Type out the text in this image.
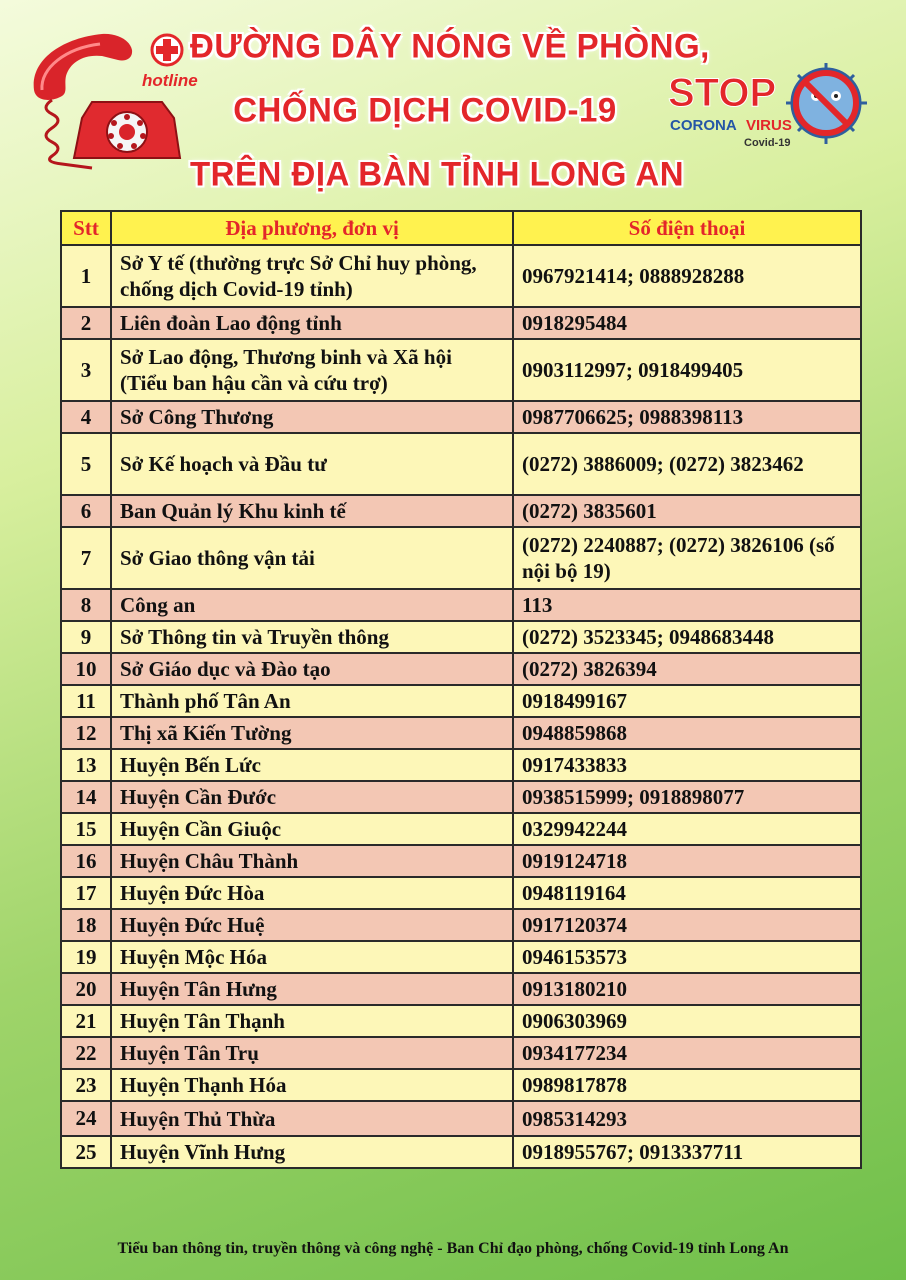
hotline
ĐƯỜNG DÂY NÓNG VỀ PHÒNG,
CHỐNG DỊCH COVID-19
TRÊN ĐỊA BÀN TỈNH LONG AN
STOP
CORONA VIRUS
Covid-19
Stt	Địa phương, đơn vị	Số điện thoại
1	Sở Y tế (thường trực Sở Chỉ huy phòng, chống dịch Covid-19 tỉnh)	0967921414; 0888928288
2	Liên đoàn Lao động tỉnh	0918295484
3	Sở Lao động, Thương binh và Xã hội (Tiểu ban hậu cần và cứu trợ)	0903112997; 0918499405
4	Sở Công Thương	0987706625; 0988398113
5	Sở Kế hoạch và Đầu tư	(0272) 3886009; (0272) 3823462
6	Ban Quản lý Khu kinh tế	(0272) 3835601
7	Sở Giao thông vận tải	(0272) 2240887; (0272) 3826106 (số nội bộ 19)
8	Công an	113
9	Sở Thông tin và Truyền thông	(0272) 3523345; 0948683448
10	Sở Giáo dục và Đào tạo	(0272) 3826394
11	Thành phố Tân An	0918499167
12	Thị xã Kiến Tường	0948859868
13	Huyện Bến Lức	0917433833
14	Huyện Cần Đước	0938515999; 0918898077
15	Huyện Cần Giuộc	0329942244
16	Huyện Châu Thành	0919124718
17	Huyện Đức Hòa	0948119164
18	Huyện Đức Huệ	0917120374
19	Huyện Mộc Hóa	0946153573
20	Huyện Tân Hưng	0913180210
21	Huyện Tân Thạnh	0906303969
22	Huyện Tân Trụ	0934177234
23	Huyện Thạnh Hóa	0989817878
24	Huyện Thủ Thừa	0985314293
25	Huyện Vĩnh Hưng	0918955767; 0913337711
Tiểu ban thông tin, truyền thông và công nghệ - Ban Chỉ đạo phòng, chống Covid-19 tỉnh Long An
